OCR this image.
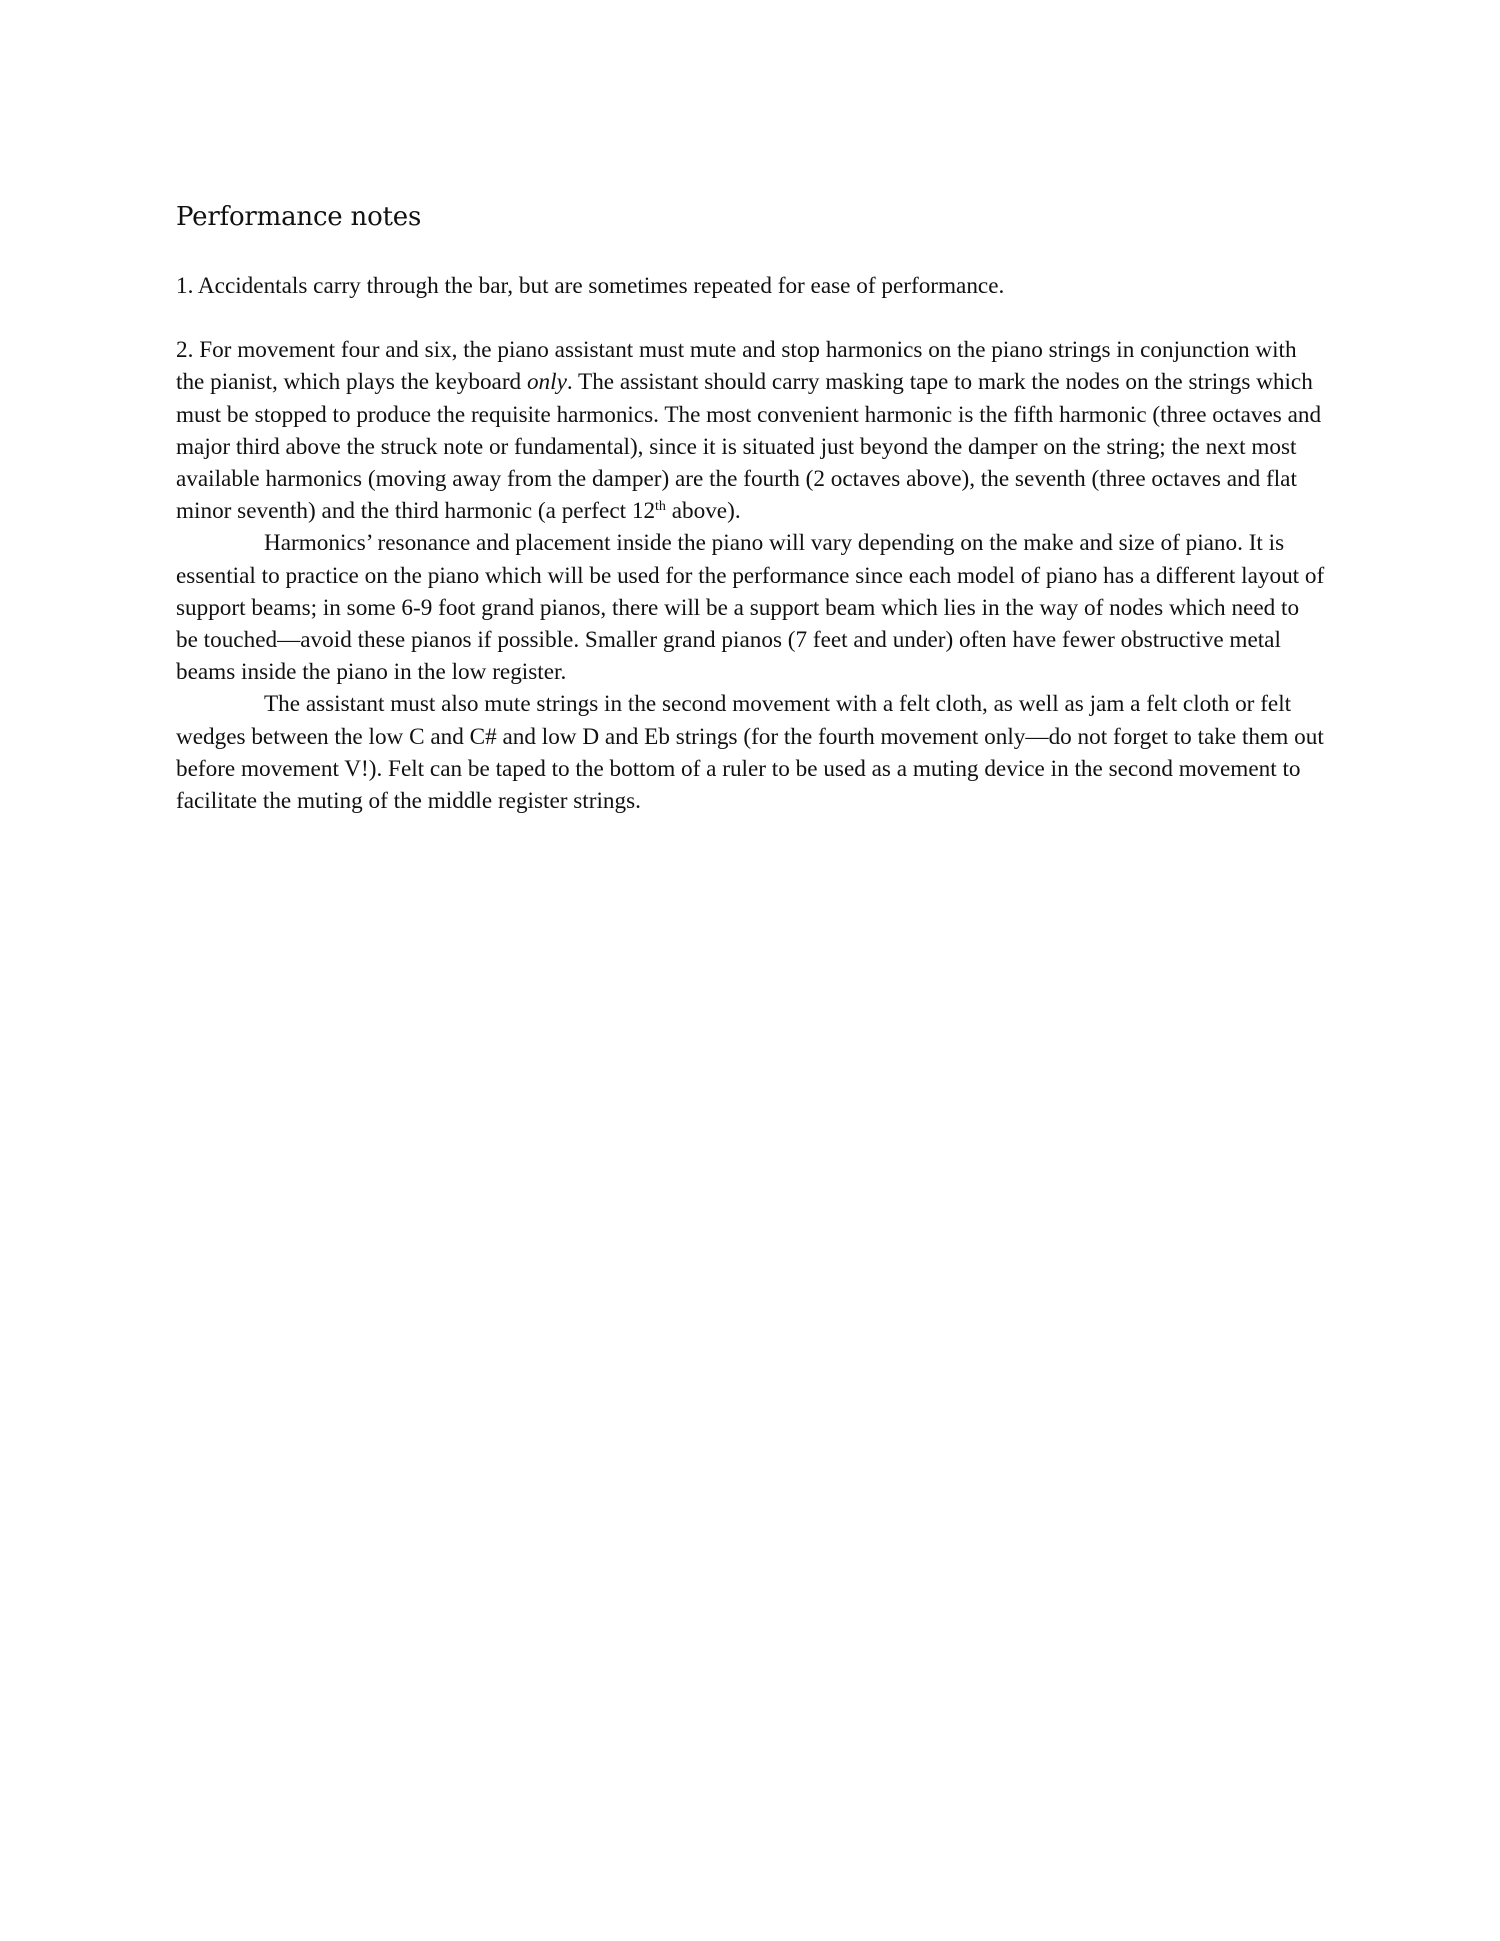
Performance notes

1. Accidentals carry through the bar, but are sometimes repeated for ease of performance.

2. For movement four and six, the piano assistant must mute and stop harmonics on the piano strings in conjunction with the pianist, which plays the keyboard only. The assistant should carry masking tape to mark the nodes on the strings which must be stopped to produce the requisite harmonics. The most convenient harmonic is the fifth harmonic (three octaves and major third above the struck note or fundamental), since it is situated just beyond the damper on the string; the next most available harmonics (moving away from the damper) are the fourth (2 octaves above), the seventh (three octaves and flat minor seventh) and the third harmonic (a perfect 12th above).

Harmonics’ resonance and placement inside the piano will vary depending on the make and size of piano. It is essential to practice on the piano which will be used for the performance since each model of piano has a different layout of support beams; in some 6-9 foot grand pianos, there will be a support beam which lies in the way of nodes which need to be touched—avoid these pianos if possible. Smaller grand pianos (7 feet and under) often have fewer obstructive metal beams inside the piano in the low register.

The assistant must also mute strings in the second movement with a felt cloth, as well as jam a felt cloth or felt wedges between the low C and C# and low D and Eb strings (for the fourth movement only—do not forget to take them out before movement V!). Felt can be taped to the bottom of a ruler to be used as a muting device in the second movement to facilitate the muting of the middle register strings.
